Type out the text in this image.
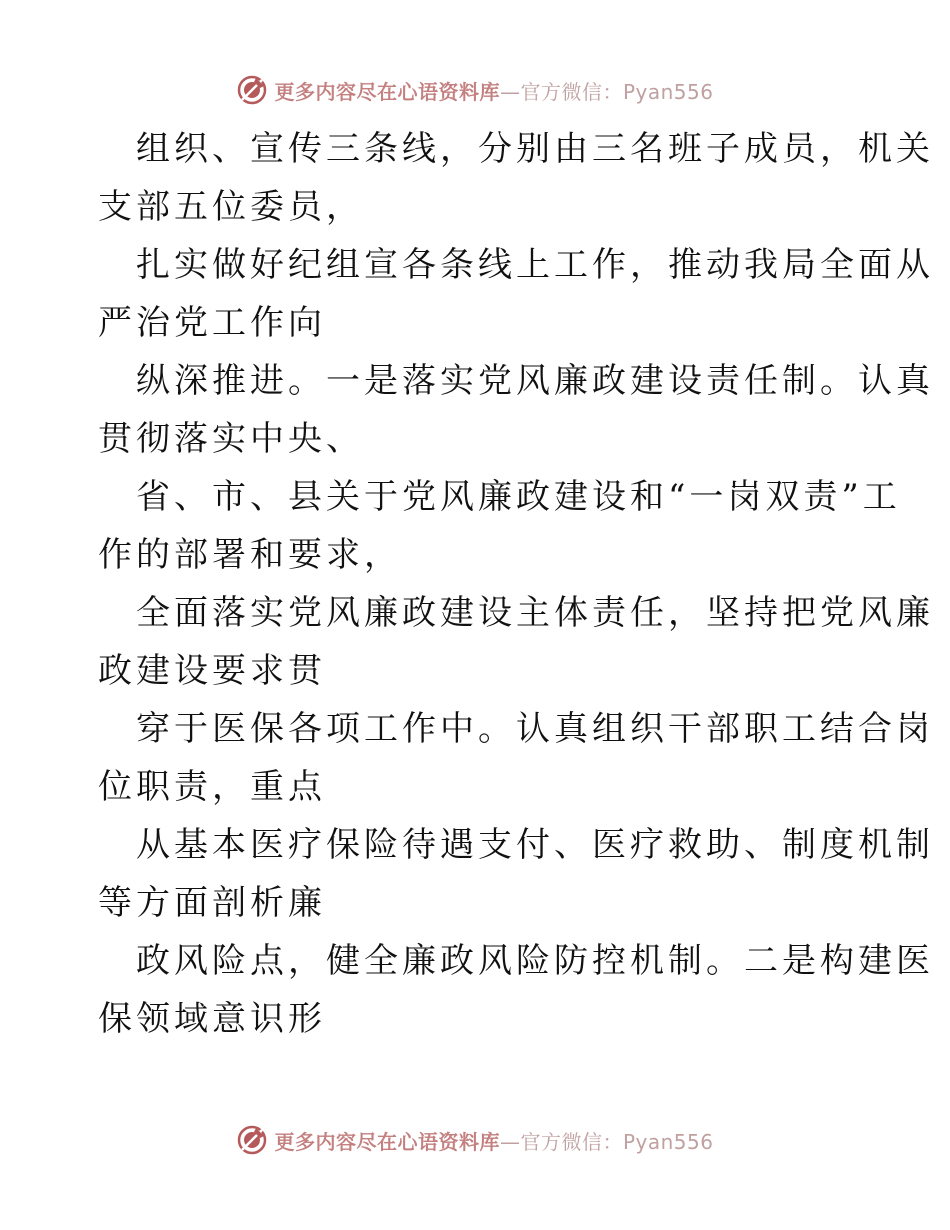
更多内容尽在心语资料库—官方微信：Pyan556
组织、宣传三条线，分别由三名班子成员，机关
支部五位委员，
扎实做好纪组宣各条线上工作，推动我局全面从
严治党工作向
纵深推进。一是落实党风廉政建设责任制。认真
贯彻落实中央、
省、市、县关于党风廉政建设和“一岗双责”工
作的部署和要求，
全面落实党风廉政建设主体责任，坚持把党风廉
政建设要求贯
穿于医保各项工作中。认真组织干部职工结合岗
位职责，重点
从基本医疗保险待遇支付、医疗救助、制度机制
等方面剖析廉
政风险点，健全廉政风险防控机制。二是构建医
保领域意识形
更多内容尽在心语资料库—官方微信：Pyan556
